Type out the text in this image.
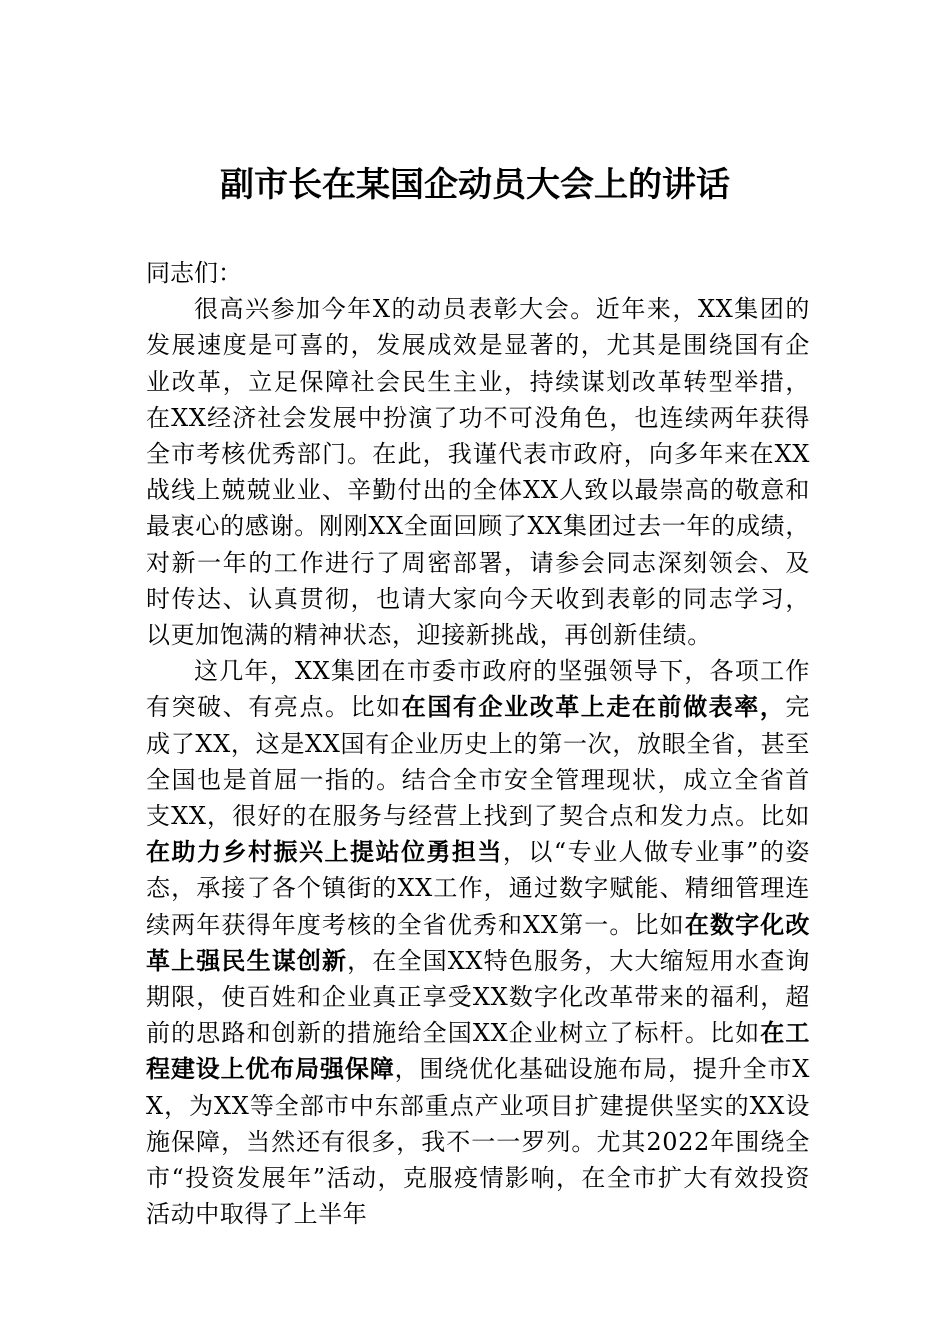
副市长在某国企动员大会上的讲话

同志们：

很高兴参加今年X的动员表彰大会。近年来，XX集团的发展速度是可喜的，发展成效是显著的，尤其是围绕国有企业改革，立足保障社会民生主业，持续谋划改革转型举措，在XX经济社会发展中扮演了功不可没角色，也连续两年获得全市考核优秀部门。在此，我谨代表市政府，向多年来在XX战线上兢兢业业、辛勤付出的全体XX人致以最崇高的敬意和最衷心的感谢。刚刚XX全面回顾了XX集团过去一年的成绩，对新一年的工作进行了周密部署，请参会同志深刻领会、及时传达、认真贯彻，也请大家向今天收到表彰的同志学习，以更加饱满的精神状态，迎接新挑战，再创新佳绩。

这几年，XX集团在市委市政府的坚强领导下，各项工作有突破、有亮点。比如在国有企业改革上走在前做表率，完成了XX，这是XX国有企业历史上的第一次，放眼全省，甚至全国也是首屈一指的。结合全市安全管理现状，成立全省首支XX，很好的在服务与经营上找到了契合点和发力点。比如在助力乡村振兴上提站位勇担当，以“专业人做专业事”的姿态，承接了各个镇街的XX工作，通过数字赋能、精细管理连续两年获得年度考核的全省优秀和XX第一。比如在数字化改革上强民生谋创新，在全国XX特色服务，大大缩短用水查询期限，使百姓和企业真正享受XX数字化改革带来的福利，超前的思路和创新的措施给全国XX企业树立了标杆。比如在工程建设上优布局强保障，围绕优化基础设施布局，提升全市XX，为XX等全部市中东部重点产业项目扩建提供坚实的XX设施保障，当然还有很多，我不一一罗列。尤其2022年围绕全市“投资发展年”活动，克服疫情影响，在全市扩大有效投资活动中取得了上半年
